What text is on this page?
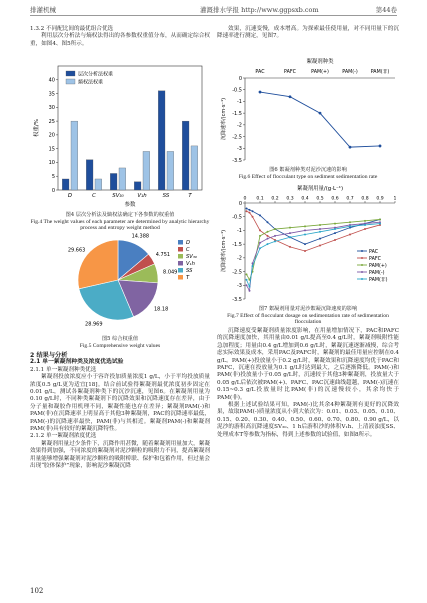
排灌机械	灌溉排水学报 http://www.ggpsxb.com	第44卷
1.3.2 不同配比间的最优组合优选

利用层次分析法与熵权法得出的各参数权重值分布，从而确定综合权重，如图4、图5所示。

0
5
10
15
20
25
30
35
40
D	C	SV₃₀	V₁h	SS	T
参数
权重/%
层次分析法权重
熵权法权重
图4 层次分析法及熵权法确定下各参数的权重值
Fig.4 The weight values of each parameter are determined by analytic hierarchy process and entropy weight method
14.388
4.751
8.049
18.18
28.969
29.663
D
C
SV₃₀
V₁h
SS
T
图5 综合权重值
Fig.5 Comprehensive weight values
2 结果与分析
2.1 单一絮凝剂种类及浓度优选试验
2.1.1 单一絮凝剂种类优选

絮凝剂投放浓度应小于容许投加质量浓度1 g/L，小于平均投放质量浓度0.5 g/L更为适宜[18]。结合前试验得絮凝剂最优浓度初步固定在0.01 g/L，测试各絮凝剂种类下的沉沙沉速，见图6。在絮凝剂用量为0.10 g/L时，不同种类絮凝剂下的沉降效果和沉降速度存在差异，由于分子量和凝胶作用机理不同，絮凝性能也存在差异；絮凝剂PAM(-)和PAM(非)在沉降速率上明显高于其他3种絮凝剂，PAC的沉降速率最低，PAM(-)的沉降速率最快，PAM(非)与其相近。絮凝剂PAM(-)和絮凝剂PAM(非)具有较好的絮凝沉降特性。

2.1.2 单一絮凝剂浓度优选

絮凝剂用量过少条件下，沉降作用甚微，随着絮凝剂用量加大，絮凝效果得到加强，不同浓度的絮凝剂对泥沙颗粒的吸附力不同，提高絮凝剂用量能够增强絮凝剂对泥沙颗粒的吸附桥联、保护和包蓄作用，但过量会出现“胶体保护”现象，影响泥沙絮凝沉降

效果，沉速变慢，成本增高。为探索最佳使用量，对不同用量下的沉降速率进行测定，见图7。

絮凝剂种类
0
-0.5
-1
-1.5
-2
-2.5
-3
-3.5
PAC	PAFC	PAM(+)	PAM(-)	PAM(非)
沉降速率/(cm·s⁻¹)
图6 絮凝剂种类对泥沙沉速的影响
Fig.6 Effect of flocculant type on sediment sedimentation rate
絮凝剂用量/(g·L⁻¹)
0 0.1 0.2 0.3 0.4 0.5 0.6 0.7 0.8 0.9 1
0
-0.5
-1
-1.5
-2
-2.5
-3
-3.5
PAC
PAFC
PAM(+)
PAM(-)
PAM(非)
沉降速率/(cm·s⁻¹)
图7 絮凝剂用量对泥沙絮凝沉降速度的影响
Fig.7 Effect of flocculant dosage on sedimentation rate of sedimentation flocculation

沉降速度受絮凝剂质量浓度影响，在用量增加情况下，PAC和PAFC的沉降速度加快，其用量由0.01 g/L提高至0.4 g/L时，絮凝剂吸附性能急加程度；用量由0.4 g/L增加到0.6 g/L时，絮凝沉速逐渐减慢，综合考虑实际效果及成本，采用PAC及PAFC时，絮凝剂的最佳用量应控制在0.4 g/L。PAM(+)投放量小于0.2 g/L时，絮凝效果和沉降速度均优于PAC和PAFC，沉速在投放量为0.1 g/L时达到最大，之后逐渐降低。PAM(-)和PAM(非)投放量小于0.05 g/L时，沉速较于其他3种絮凝剂，投放量大于0.05 g/L后依次被PAM(+)、PAFC、PAC沉速曲线超越，PAM(-)沉速在0.15~0.3 g/L投放量时比PAM(非)的沉速慢较小，其余均快于PAM(非)。

根据上述试验结果可知，PAM(-)比其余4种絮凝剂有更好的沉降效果，故取PAM(-)质量浓度从小到大依次为：0.01、0.03、0.05、0.10、0.15、0.20、0.30、0.40、0.50、0.60、0.70、0.80、0.90 g/L，以泥沙的游积高沉降速度SV₃₀、1 h后游积沙的体积V₁h、上清液浊度SS、处理成本T等参数为指标，得到上述参数的试验值，如图8所示。

102
